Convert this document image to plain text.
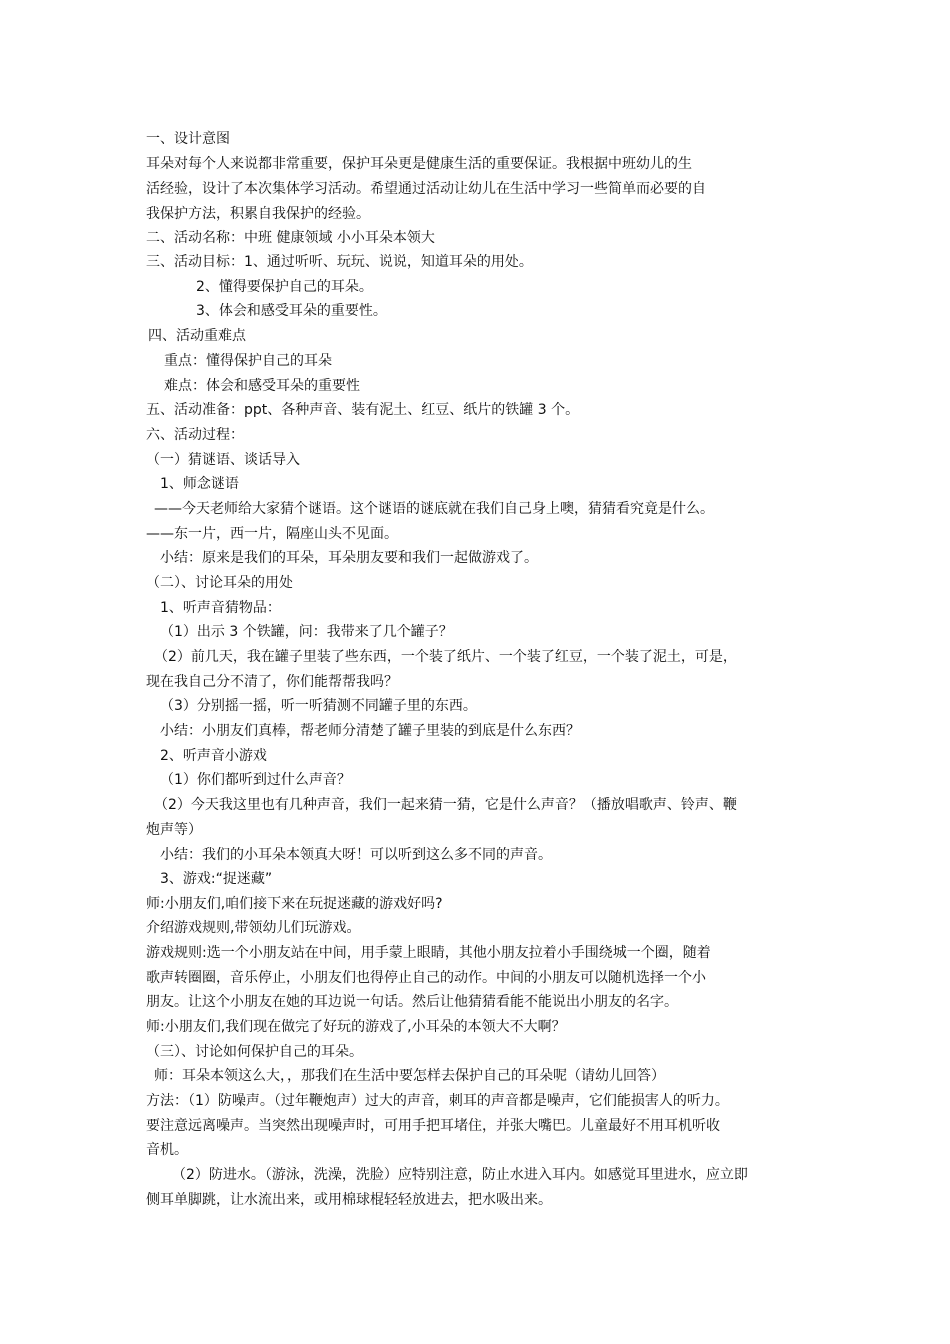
一、设计意图
耳朵对每个人来说都非常重要，保护耳朵更是健康生活的重要保证。我根据中班幼儿的生
活经验，设计了本次集体学习活动。希望通过活动让幼儿在生活中学习一些简单而必要的自
我保护方法，积累自我保护的经验。
二、活动名称：中班 健康领域 小小耳朵本领大
三、活动目标：1、通过听听、玩玩、说说，知道耳朵的用处。
2、懂得要保护自己的耳朵。
3、体会和感受耳朵的重要性。
四、活动重难点
重点：懂得保护自己的耳朵
难点：体会和感受耳朵的重要性
五、活动准备：ppt、各种声音、装有泥土、红豆、纸片的铁罐 3 个。
六、活动过程：
（一）猜谜语、谈话导入
1、师念谜语
——今天老师给大家猜个谜语。这个谜语的谜底就在我们自己身上噢，猜猜看究竟是什么。
——东一片，西一片，隔座山头不见面。
小结：原来是我们的耳朵，耳朵朋友要和我们一起做游戏了。
（二）、讨论耳朵的用处
1、听声音猜物品：
（1）出示 3 个铁罐，问：我带来了几个罐子？
（2）前几天，我在罐子里装了些东西，一个装了纸片、一个装了红豆，一个装了泥土，可是，
现在我自己分不清了，你们能帮帮我吗？
（3）分别摇一摇，听一听猜测不同罐子里的东西。
小结：小朋友们真棒，帮老师分清楚了罐子里装的到底是什么东西？
2、听声音小游戏
（1）你们都听到过什么声音？
（2）今天我这里也有几种声音，我们一起来猜一猜，它是什么声音？（播放唱歌声、铃声、鞭
炮声等）
小结：我们的小耳朵本领真大呀！可以听到这么多不同的声音。
3、游戏:“捉迷藏”
师:小朋友们,咱们接下来在玩捉迷藏的游戏好吗?
介绍游戏规则,带领幼儿们玩游戏。
游戏规则:选一个小朋友站在中间，用手蒙上眼睛，其他小朋友拉着小手围绕城一个圈，随着
歌声转圈圈，音乐停止，小朋友们也得停止自己的动作。中间的小朋友可以随机选择一个小
朋友。让这个小朋友在她的耳边说一句话。然后让他猜猜看能不能说出小朋友的名字。
师:小朋友们,我们现在做完了好玩的游戏了,小耳朵的本领大不大啊？
（三）、讨论如何保护自己的耳朵。
师：耳朵本领这么大，，那我们在生活中要怎样去保护自己的耳朵呢（请幼儿回答）
方法：（1）防噪声。（过年鞭炮声）过大的声音，刺耳的声音都是噪声，它们能损害人的听力。
要注意远离噪声。当突然出现噪声时，可用手把耳堵住，并张大嘴巴。儿童最好不用耳机听收
音机。
（2）防进水。（游泳，洗澡，洗脸）应特别注意，防止水进入耳内。如感觉耳里进水，应立即
侧耳单脚跳，让水流出来，或用棉球棍轻轻放进去，把水吸出来。
